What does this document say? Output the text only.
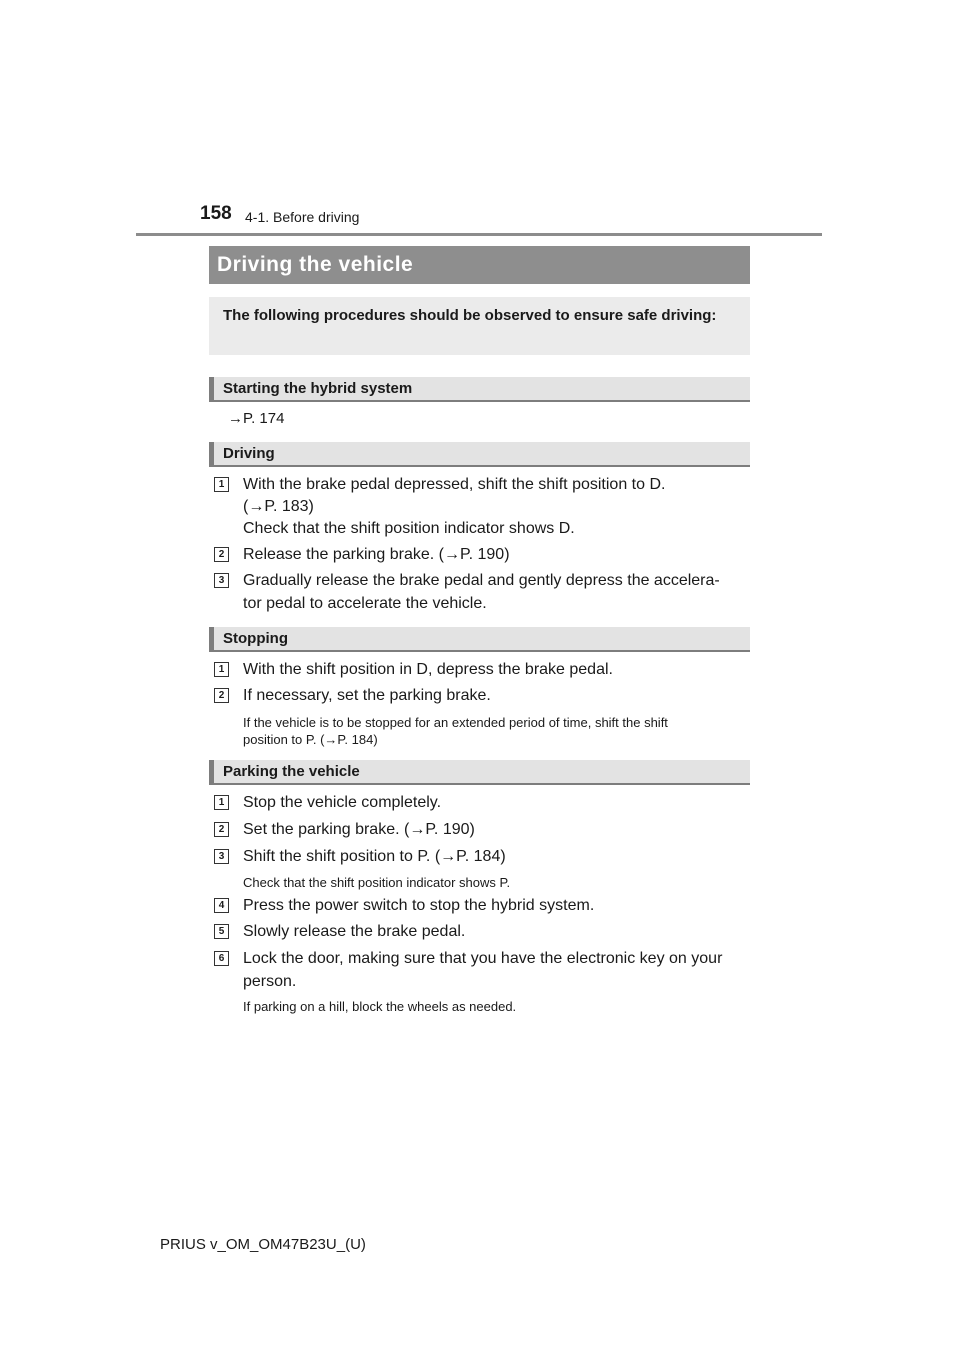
158 4-1. Before driving
Driving the vehicle
The following procedures should be observed to ensure safe driving:
Starting the hybrid system
→P. 174
Driving
1 With the brake pedal depressed, shift the shift position to D.
(→P. 183)
Check that the shift position indicator shows D.
2 Release the parking brake. (→P. 190)
3 Gradually release the brake pedal and gently depress the accelera-
tor pedal to accelerate the vehicle.
Stopping
1 With the shift position in D, depress the brake pedal.
2 If necessary, set the parking brake.
If the vehicle is to be stopped for an extended period of time, shift the shift
position to P. (→P. 184)
Parking the vehicle
1 Stop the vehicle completely.
2 Set the parking brake. (→P. 190)
3 Shift the shift position to P. (→P. 184)
Check that the shift position indicator shows P.
4 Press the power switch to stop the hybrid system.
5 Slowly release the brake pedal.
6 Lock the door, making sure that you have the electronic key on your
person.
If parking on a hill, block the wheels as needed.
PRIUS v_OM_OM47B23U_(U)
